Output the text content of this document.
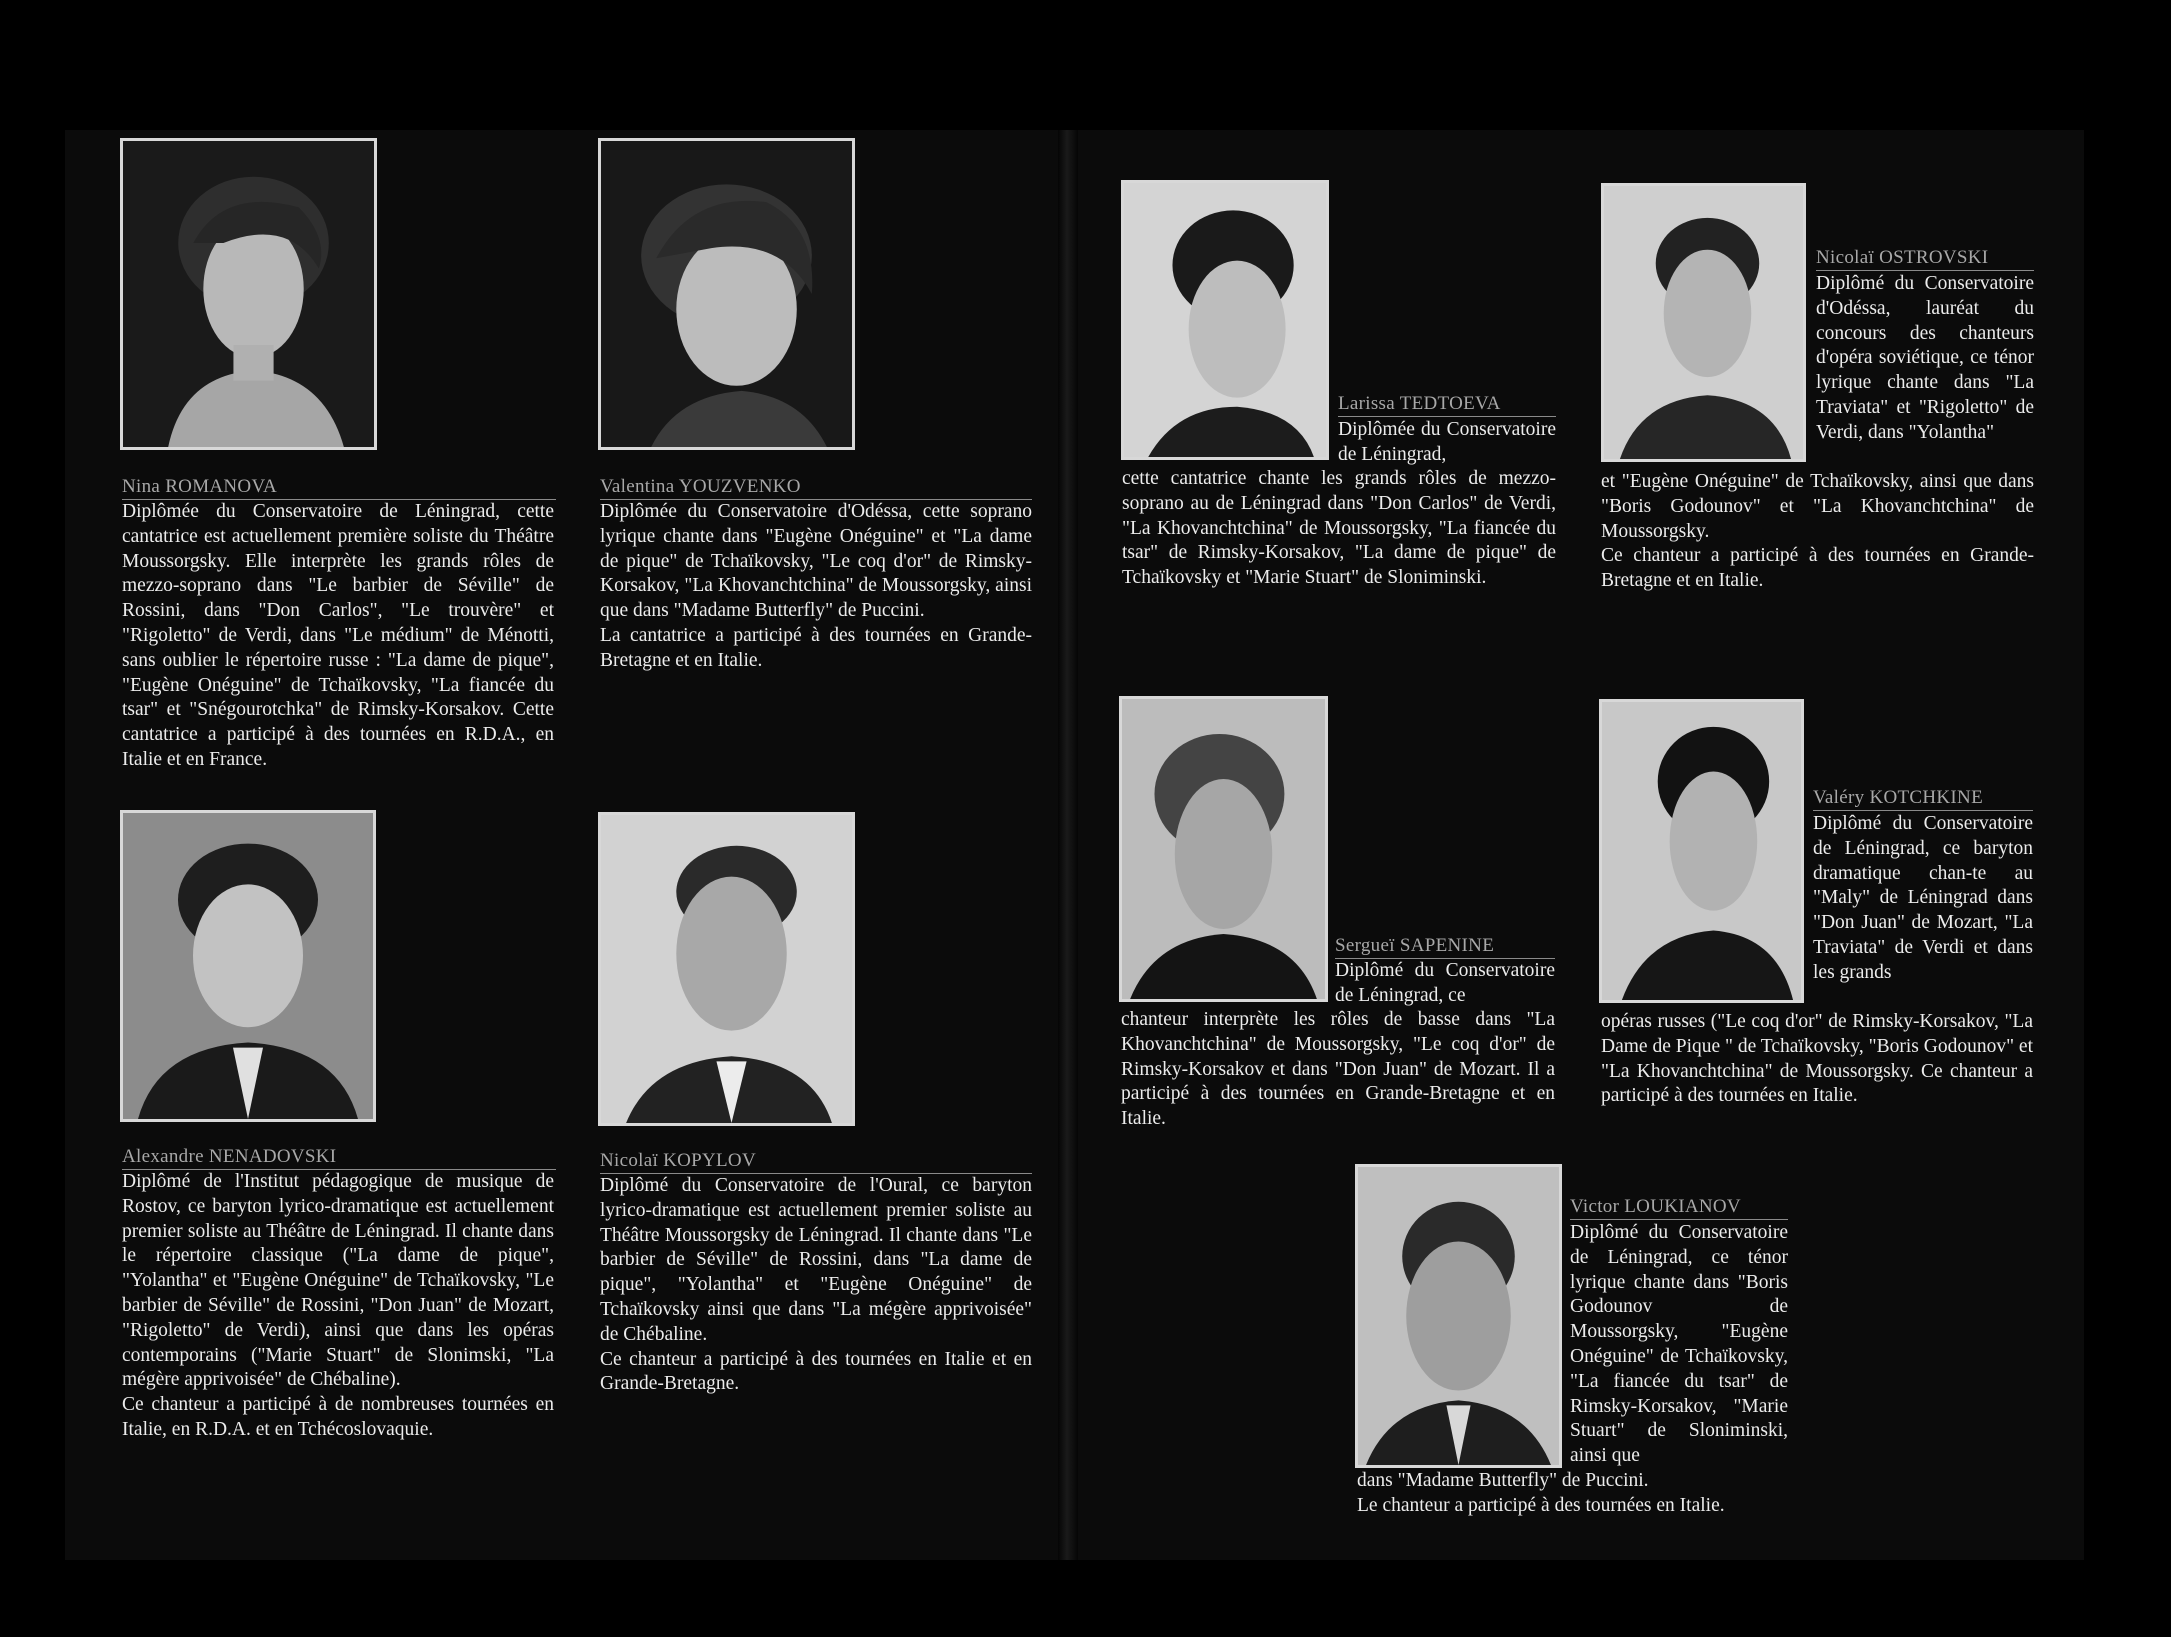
Nina ROMANOVA

Diplômée du Conservatoire de Léningrad, cette cantatrice est actuellement première soliste du Théâtre Moussorgsky. Elle interprète les grands rôles de mezzo-soprano dans "Le barbier de Séville" de Rossini, dans "Don Carlos", "Le trouvère" et "Rigoletto" de Verdi, dans "Le médium" de Ménotti, sans oublier le répertoire russe : "La dame de pique", "Eugène Onéguine" de Tchaïkovsky, "La fiancée du tsar" et "Snégourotchka" de Rimsky-Korsakov. Cette cantatrice a participé à des tournées en R.D.A., en Italie et en France.

Valentina YOUZVENKO

Diplômée du Conservatoire d'Odéssa, cette soprano lyrique chante dans "Eugène Onéguine" et "La dame de pique" de Tchaïkovsky, "Le coq d'or" de Rimsky-Korsakov, "La Khovanchtchina" de Moussorgsky, ainsi que dans "Madame Butterfly" de Puccini.

La cantatrice a participé à des tournées en Grande-Bretagne et en Italie.

Alexandre NENADOVSKI

Diplômé de l'Institut pédagogique de musique de Rostov, ce baryton lyrico-dramatique est actuellement premier soliste au Théâtre de Léningrad. Il chante dans le répertoire classique ("La dame de pique", "Yolantha" et "Eugène Onéguine" de Tchaïkovsky, "Le barbier de Séville" de Rossini, "Don Juan" de Mozart, "Rigoletto" de Verdi), ainsi que dans les opéras contemporains ("Marie Stuart" de Slonimski, "La mégère apprivoisée" de Chébaline).

Ce chanteur a participé à de nombreuses tournées en Italie, en R.D.A. et en Tchécoslovaquie.

Nicolaï KOPYLOV

Diplômé du Conservatoire de l'Oural, ce baryton lyrico-dramatique est actuellement premier soliste au Théâtre Moussorgsky de Léningrad. Il chante dans "Le barbier de Séville" de Rossini, dans "La dame de pique", "Yolantha" et "Eugène Onéguine" de Tchaïkovsky ainsi que dans "La mégère apprivoisée" de Chébaline.

Ce chanteur a participé à des tournées en Italie et en Grande-Bretagne.

Larissa TEDTOEVA

Diplômée du Conservatoire de Léningrad,

cette cantatrice chante les grands rôles de mezzo-soprano au de Léningrad dans "Don Carlos" de Verdi, "La Khovanchtchina" de Moussorgsky, "La fiancée du tsar" de Rimsky-Korsakov, "La dame de pique" de Tchaïkovsky et "Marie Stuart" de Sloniminski.

Nicolaï OSTROVSKI

Diplômé du Conservatoire d'Odéssa, lauréat du concours des chanteurs d'opéra soviétique, ce ténor lyrique chante dans "La Traviata" et "Rigoletto" de Verdi, dans "Yolantha"

et "Eugène Onéguine" de Tchaïkovsky, ainsi que dans "Boris Godounov" et "La Khovanchtchina" de Moussorgsky.

Ce chanteur a participé à des tournées en Grande-Bretagne et en Italie.

Sergueï SAPENINE

Diplômé du Conservatoire de Léningrad, ce

chanteur interprète les rôles de basse dans "La Khovanchtchina" de Moussorgsky, "Le coq d'or" de Rimsky-Korsakov et dans "Don Juan" de Mozart. Il a participé à des tournées en Grande-Bretagne et en Italie.

Valéry KOTCHKINE

Diplômé du Conservatoire de Léningrad, ce baryton dramatique chan-te au "Maly" de Léningrad dans "Don Juan" de Mozart, "La Traviata" de Verdi et dans les grands

opéras russes ("Le coq d'or" de Rimsky-Korsakov, "La Dame de Pique " de Tchaïkovsky, "Boris Godounov" et "La Khovanchtchina" de Moussorgsky. Ce chanteur a participé à des tournées en Italie.

Victor LOUKIANOV

Diplômé du Conservatoire de Léningrad, ce ténor lyrique chante dans "Boris Godounov de Moussorgsky, "Eugène Onéguine" de Tchaïkovsky, "La fiancée du tsar" de Rimsky-Korsakov, "Marie Stuart" de Sloniminski, ainsi que

dans "Madame Butterfly" de Puccini.

Le chanteur a participé à des tournées en Italie.
